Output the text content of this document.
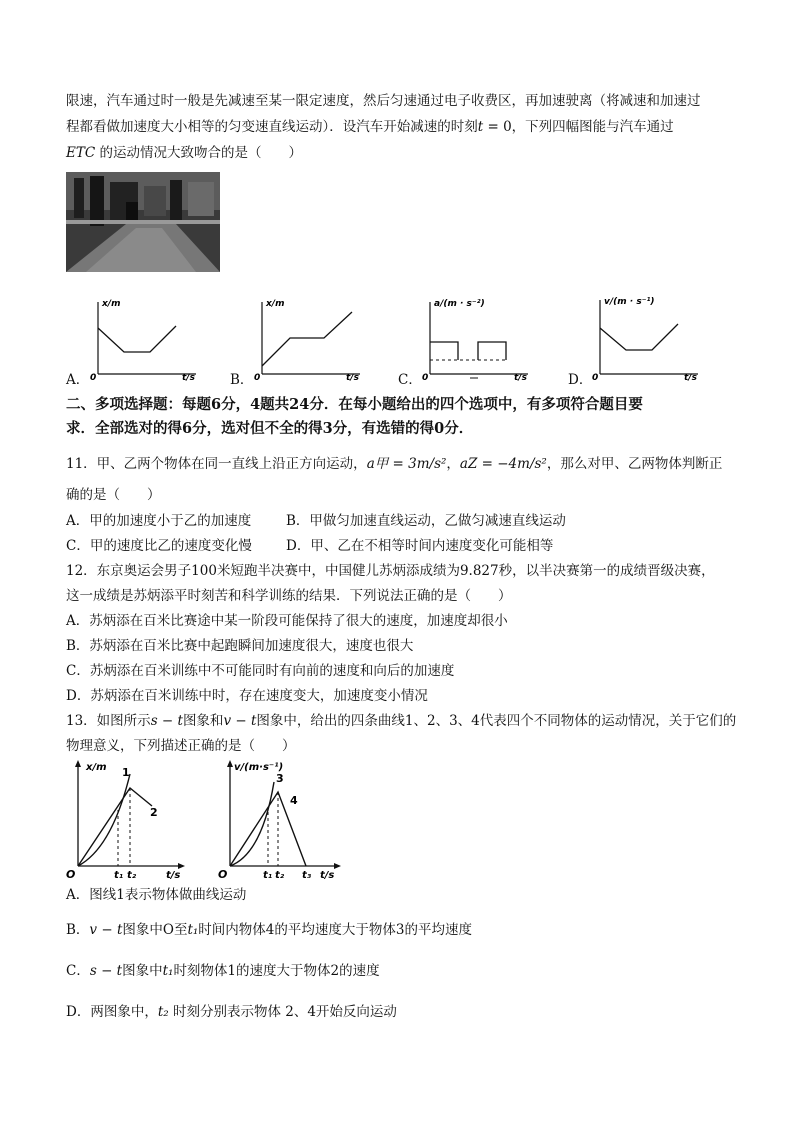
限速，汽车通过时一般是先减速至某一限定速度，然后匀速通过电子收费区，再加速驶离（将减速和加速过
程都看做加速度大小相等的匀变速直线运动）．设汽车开始减速的时刻t = 0，下列四幅图能与汽车通过
ETC 的运动情况大致吻合的是（　　）
A．
x/m
t/s
0	B．
x/m
t/s
0	C．
a/(m · s⁻²)
t/s
0	D．
v/(m · s⁻¹)
t/s
0
二、多项选择题：每题6分，4题共24分．在每小题给出的四个选项中，有多项符合题目要
求．全部选对的得6分，选对但不全的得3分，有选错的得0分．
11．甲、乙两个物体在同一直线上沿正方向运动，a甲 = 3m/s²，aZ = −4m/s²，那么对甲、乙两物体判断正
确的是（　　）
A．甲的加速度小于乙的加速度	B．甲做匀加速直线运动，乙做匀减速直线运动
C．甲的速度比乙的速度变化慢	D．甲、乙在不相等时间内速度变化可能相等
12．东京奥运会男子100米短跑半决赛中，中国健儿苏炳添成绩为9.827秒，以半决赛第一的成绩晋级决赛，
这一成绩是苏炳添平时刻苦和科学训练的结果．下列说法正确的是（　　）
A．苏炳添在百米比赛途中某一阶段可能保持了很大的速度，加速度却很小
B．苏炳添在百米比赛中起跑瞬间加速度很大，速度也很大
C．苏炳添在百米训练中不可能同时有向前的速度和向后的加速度
D．苏炳添在百米训练中时，存在速度变大，加速度变小情况
13．如图所示s − t图象和v − t图象中，给出的四条曲线1、2、3、4代表四个不同物体的运动情况，关于它们的
物理意义，下列描述正确的是（　　）
x/m
t/s
O	t₁ t₂
1
2
v/(m·s⁻¹)
t/s
O	t₁ t₂ t₃
3
4
A．图线1表示物体做曲线运动
B．v − t图象中O至t₁时间内物体4的平均速度大于物体3的平均速度
C．s − t图象中t₁时刻物体1的速度大于物体2的速度
D．两图象中，t₂ 时刻分别表示物体 2、4开始反向运动
